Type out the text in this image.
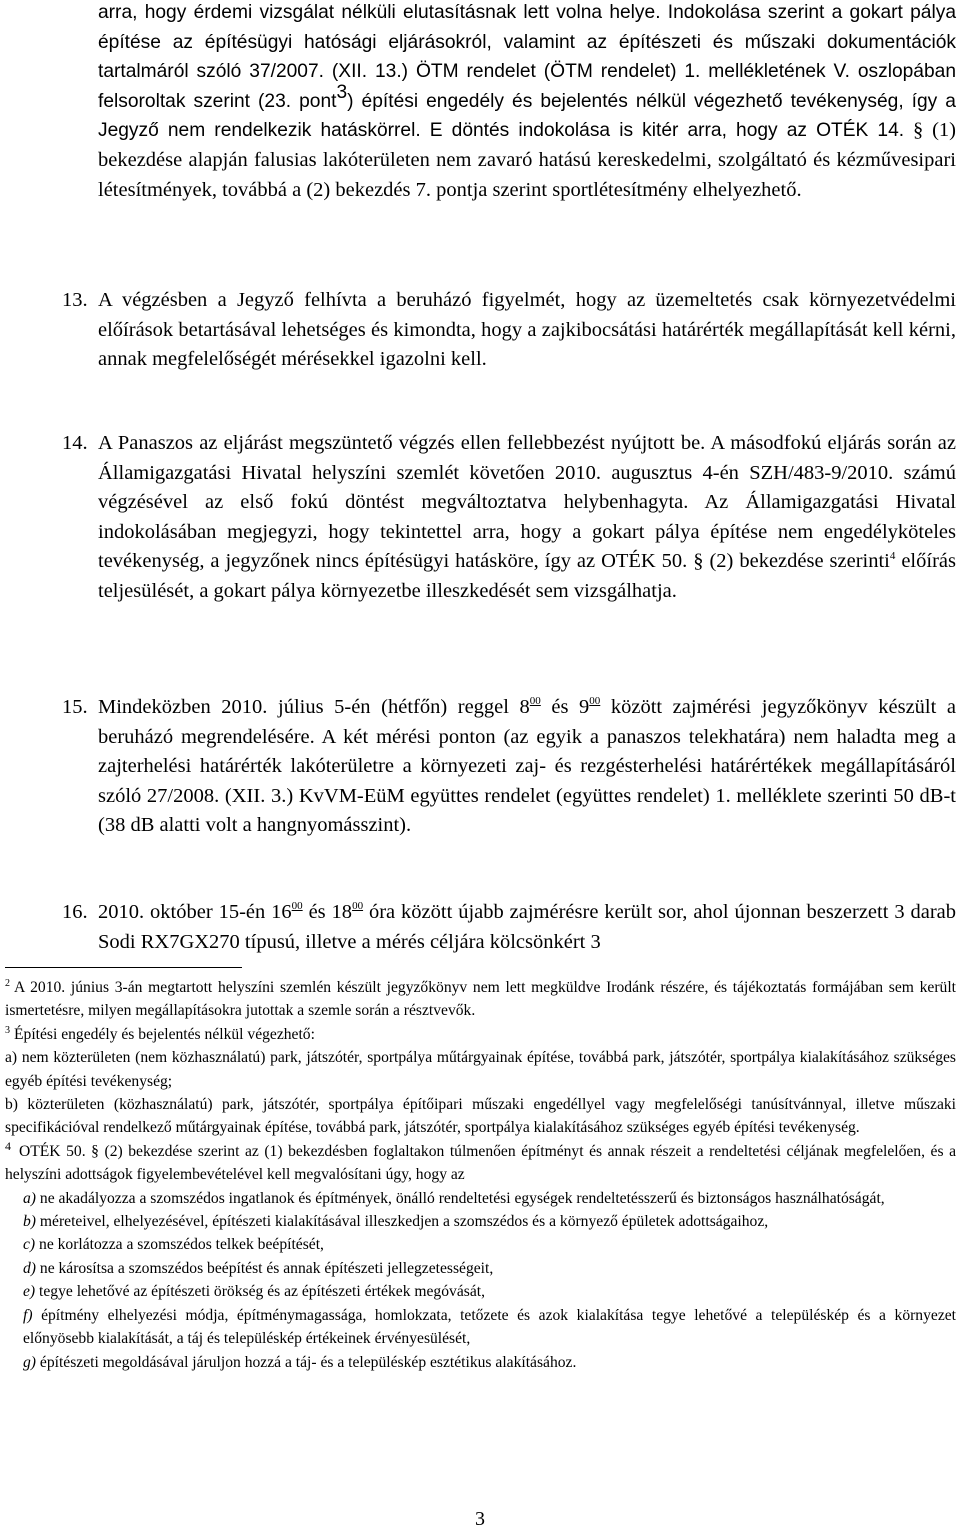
arra, hogy érdemi vizsgálat nélküli elutasításnak lett volna helye. Indokolása szerint a gokart pálya építése az építésügyi hatósági eljárásokról, valamint az építészeti és műszaki dokumentációk tartalmáról szóló 37/2007. (XII. 13.) ÖTM rendelet (ÖTM rendelet) 1. mellékletének V. oszlopában felsoroltak szerint (23. pont$^3$) építési engedély és bejelentés nélkül végezhető tevékenység, így a Jegyző nem rendelkezik hatáskörrel. E döntés indokolása is kitér arra, hogy az OTÉK 14. § (1) bekezdése alapján falusias lakóterületen nem zavaró hatású kereskedelmi, szolgáltató és kézművesipari létesítmények, továbbá a (2) bekezdés 7. pontja szerint sportlétesítmény elhelyezhető.
13. A végzésben a Jegyző felhívta a beruházó figyelmét, hogy az üzemeltetés csak környezetvédelmi előírások betartásával lehetséges és kimondta, hogy a zajkibocsátási határérték megállapítását kell kérni, annak megfelelőségét mérésekkel igazolni kell.
14. A Panaszos az eljárást megszüntető végzés ellen fellebbezést nyújtott be. A másodfokú eljárás során az Államigazgatási Hivatal helyszíni szemlét követően 2010. augusztus 4-én SZH/483-9/2010. számú végzésével az első fokú döntést megváltoztatva helybenhagyta. Az Államigazgatási Hivatal indokolásában megjegyzi, hogy tekintettel arra, hogy a gokart pálya építése nem engedélyköteles tevékenység, a jegyzőnek nincs építésügyi hatásköre, így az OTÉK 50. § (2) bekezdése szerinti$^4$ előírás teljesülését, a gokart pálya környezetbe illeszkedését sem vizsgálhatja.
15. Mindeközben 2010. július 5-én (hétfőn) reggel $8^{00}$ és $9^{00}$ között zajmérési jegyzőkönyv készült a beruházó megrendelésére. A két mérési ponton (az egyik a panaszos telekhatára) nem haladta meg a zajterhelési határérték lakóterületre a környezeti zaj- és rezgésterhelési határértékek megállapításáról szóló 27/2008. (XII. 3.) KvVM-EüM együttes rendelet (együttes rendelet) 1. melléklete szerinti 50 dB-t (38 dB alatti volt a hangnyomásszint).
16. 2010. október 15-én $16^{00}$ és $18^{00}$ óra között újabb zajmérésre került sor, ahol újonnan beszerzett 3 darab Sodi RX7GX270 típusú, illetve a mérés céljára kölcsönkért 3

$^2$ A 2010. június 3-án megtartott helyszíni szemlén készült jegyzőkönyv nem lett megküldve Irodánk részére, és tájékoztatás formájában sem került ismertetésre, milyen megállapításokra jutottak a szemle során a résztvevők.

$^3$ Építési engedély és bejelentés nélkül végezhető:

a) nem közterületen (nem közhasználatú) park, játszótér, sportpálya műtárgyainak építése, továbbá park, játszótér, sportpálya kialakításához szükséges egyéb építési tevékenység;

b) közterületen (közhasználatú) park, játszótér, sportpálya építőipari műszaki engedéllyel vagy megfelelőségi tanúsítvánnyal, illetve műszaki specifikációval rendelkező műtárgyainak építése, továbbá park, játszótér, sportpálya kialakításához szükséges egyéb építési tevékenység.

$^4$ OTÉK 50. § (2) bekezdése szerint az (1) bekezdésben foglaltakon túlmenően építményt és annak részeit a rendeltetési céljának megfelelően, és a helyszíni adottságok figyelembevételével kell megvalósítani úgy, hogy az

a) ne akadályozza a szomszédos ingatlanok és építmények, önálló rendeltetési egységek rendeltetésszerű és biztonságos használhatóságát,

b) méreteivel, elhelyezésével, építészeti kialakításával illeszkedjen a szomszédos és a környező épületek adottságaihoz,

c) ne korlátozza a szomszédos telkek beépítését,

d) ne károsítsa a szomszédos beépítést és annak építészeti jellegzetességeit,

e) tegye lehetővé az építészeti örökség és az építészeti értékek megóvását,

f) építmény elhelyezési módja, építménymagassága, homlokzata, tetőzete és azok kialakítása tegye lehetővé a településkép és a környezet előnyösebb kialakítását, a táj és településkép értékeinek érvényesülését,

g) építészeti megoldásával járuljon hozzá a táj- és a településkép esztétikus alakításához.

3
